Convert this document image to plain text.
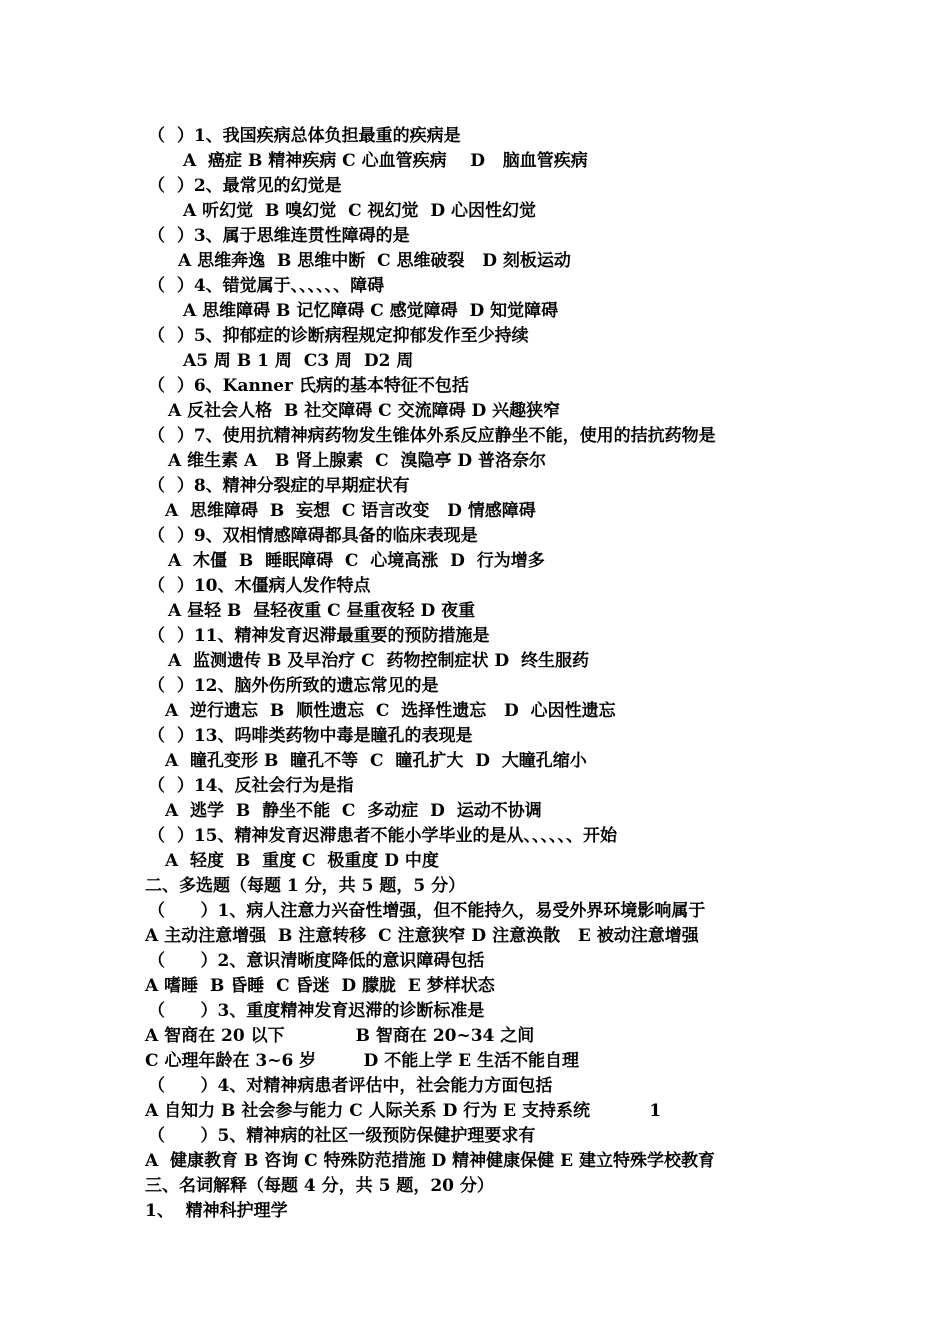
（  ）1、我国疾病总体负担最重的疾病是
A  癌症 B 精神疾病 C 心血管疾病    D   脑血管疾病
（  ）2、最常见的幻觉是
A 听幻觉  B 嗅幻觉  C 视幻觉  D 心因性幻觉
（  ）3、属于思维连贯性障碍的是
A 思维奔逸  B 思维中断  C 思维破裂   D 刻板运动
（  ）4、错觉属于、、、、、、障碍
A 思维障碍 B 记忆障碍 C 感觉障碍  D 知觉障碍
（  ）5、抑郁症的诊断病程规定抑郁发作至少持续
A5 周 B 1 周  C3 周  D2 周
（  ）6、Kanner 氏病的基本特征不包括
A 反社会人格  B 社交障碍 C 交流障碍 D 兴趣狭窄
（  ）7、使用抗精神病药物发生锥体外系反应静坐不能，使用的拮抗药物是
A 维生素 A   B 肾上腺素  C  溴隐亭 D 普洛奈尔
（  ）8、精神分裂症的早期症状有
A  思维障碍  B  妄想  C 语言改变   D 情感障碍
（  ）9、双相情感障碍都具备的临床表现是
A  木僵  B  睡眠障碍  C  心境高涨  D  行为增多
（  ）10、木僵病人发作特点
A 昼轻 B  昼轻夜重 C 昼重夜轻 D 夜重
（  ）11、精神发育迟滞最重要的预防措施是
A  监测遗传 B 及早治疗 C  药物控制症状 D  终生服药
（  ）12、脑外伤所致的遗忘常见的是
A  逆行遗忘  B  顺性遗忘  C  选择性遗忘   D  心因性遗忘
（  ）13、吗啡类药物中毒是瞳孔的表现是
A  瞳孔变形 B  瞳孔不等  C  瞳孔扩大  D  大瞳孔缩小
（  ）14、反社会行为是指
A  逃学  B  静坐不能  C  多动症  D  运动不协调
（  ）15、精神发育迟滞患者不能小学毕业的是从、、、、、、开始
A  轻度  B  重度 C  极重度 D 中度
二、多选题（每题 1 分，共 5 题，5 分）
（      ）1、病人注意力兴奋性增强，但不能持久，易受外界环境影响属于
A 主动注意增强  B 注意转移  C 注意狭窄 D 注意涣散   E 被动注意增强
（      ）2、意识清晰度降低的意识障碍包括
A 嗜睡  B 昏睡  C 昏迷  D 朦胧  E 梦样状态
（      ）3、重度精神发育迟滞的诊断标准是
A 智商在 20 以下            B 智商在 20~34 之间
C 心理年龄在 3~6 岁        D 不能上学 E 生活不能自理
（      ）4、对精神病患者评估中，社会能力方面包括
A 自知力 B 社会参与能力 C 人际关系 D 行为 E 支持系统          1
（      ）5、精神病的社区一级预防保健护理要求有
A  健康教育 B 咨询 C 特殊防范措施 D 精神健康保健 E 建立特殊学校教育
三、名词解释（每题 4 分，共 5 题，20 分）
1、  精神科护理学
